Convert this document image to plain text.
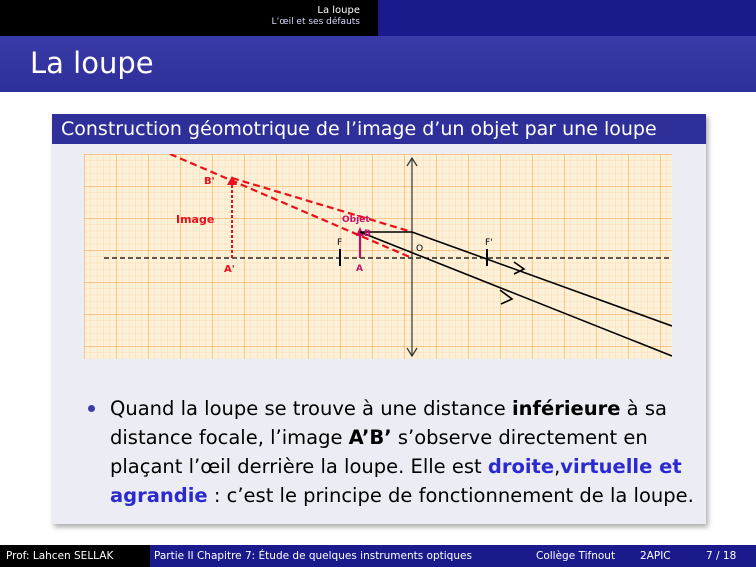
La loupe
L’œil et ses défauts
La loupe
Construction géomotrique de l’image d’un objet par une loupe
B'
Image
A'
Objet
B
F
A
O
F'
Quand la loupe se trouve à une distance inférieure à sa distance focale, l’image A’B’ s’observe directement en plaçant l’œil derrière la loupe. Elle est droite,virtuelle et agrandie : c’est le principe de fonctionnement de la loupe.
Prof: Lahcen SELLAK	Partie II Chapitre 7: Étude de quelques instruments optiques	Collège Tifnout 2APIC	7 / 18
